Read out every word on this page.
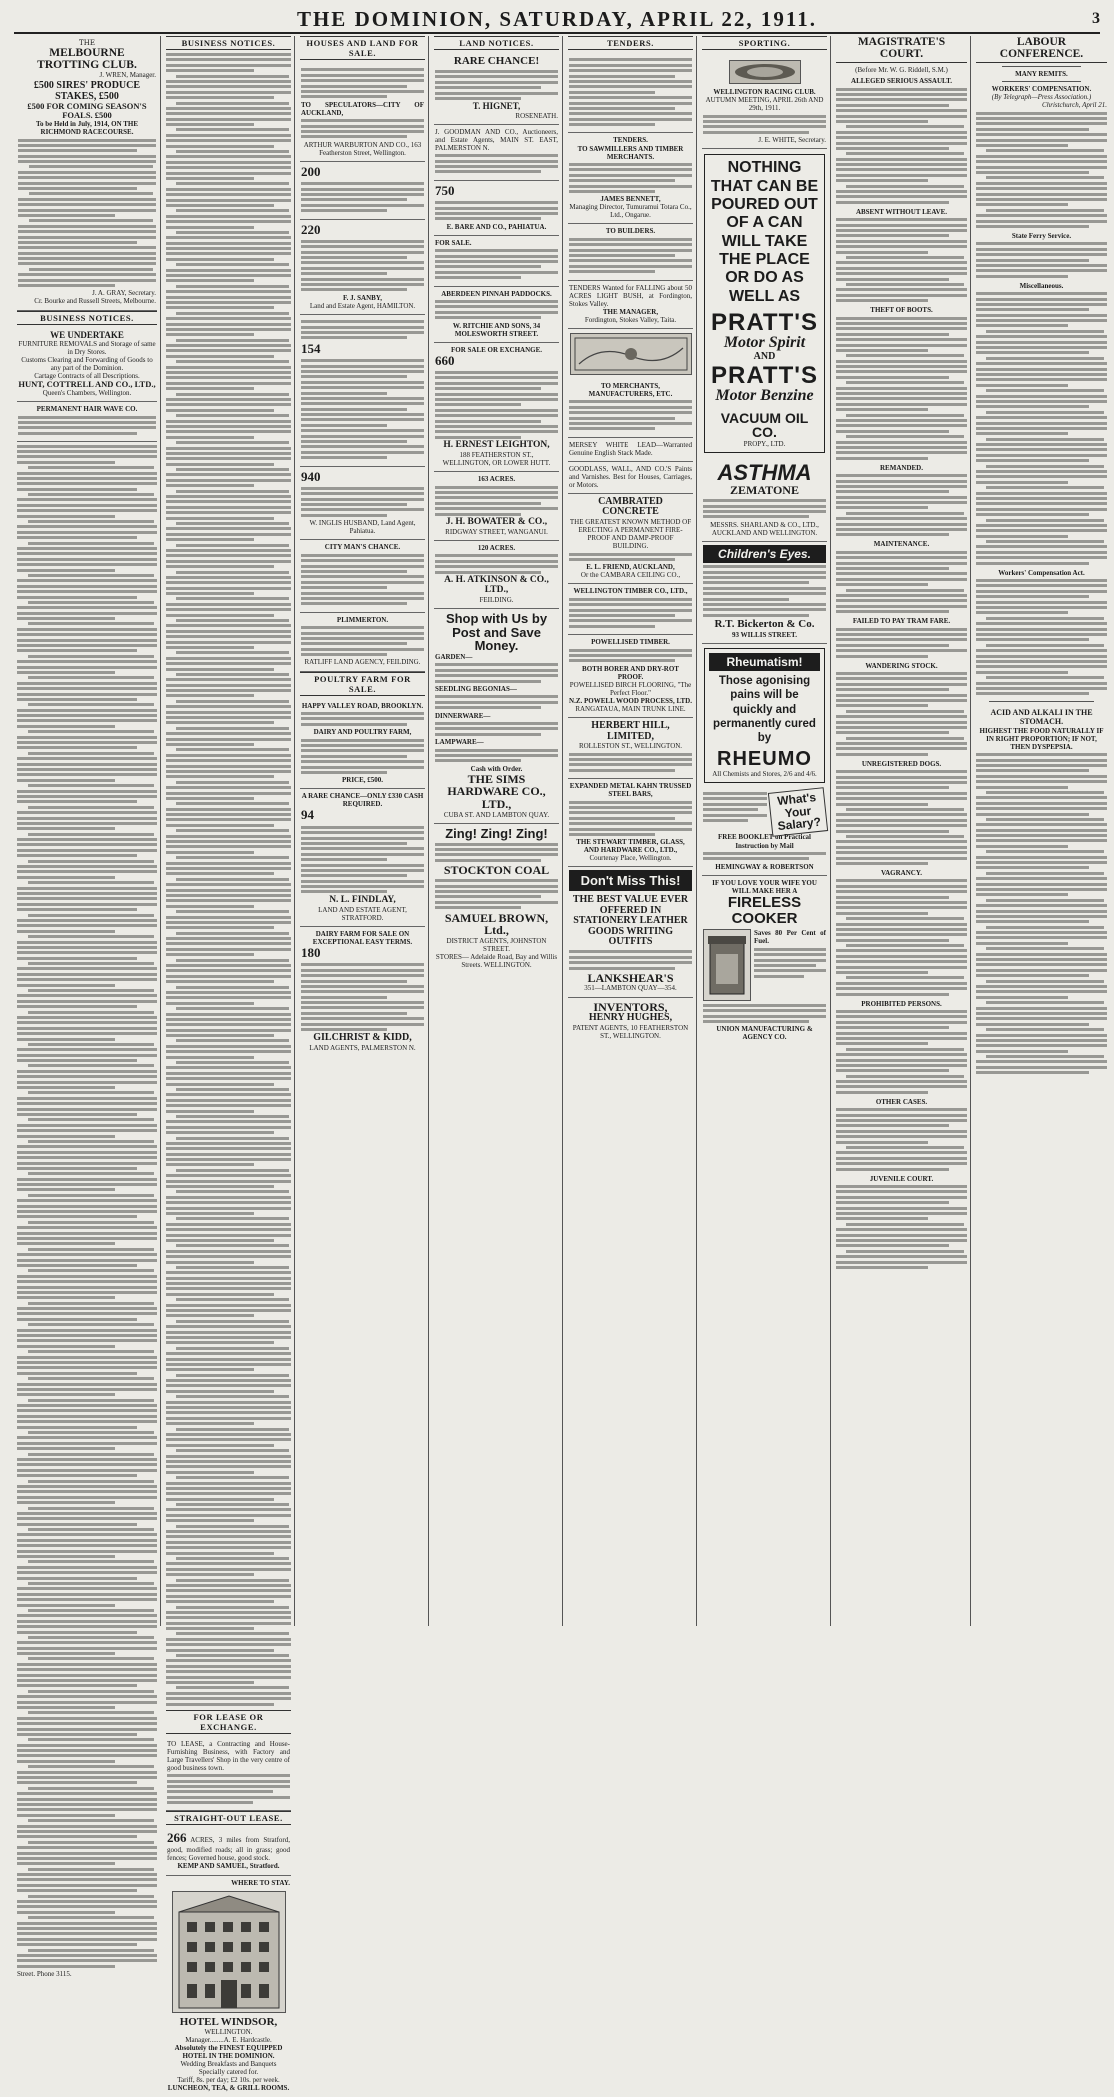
THE DOMINION, SATURDAY, APRIL 22, 1911.	3
THE
MELBOURNE TROTTING CLUB.
J. WREN, Manager.
£500 SIRES' PRODUCE STAKES, £500
£500 FOR COMING SEASON'S FOALS. £500
To be Held in July, 1914, ON THE RICHMOND RACECOURSE.
J. A. GRAY, Secretary.
Cr. Bourke and Russell Streets, Melbourne.
BUSINESS NOTICES.
WE UNDERTAKE
FURNITURE REMOVALS and Storage of same in Dry Stores.
Customs Clearing and Forwarding of Goods to any part of the Dominion.
Cartage Contracts of all Descriptions.
HUNT, COTTRELL AND CO., LTD.,
Queen's Chambers, Wellington.
PERMANENT HAIR WAVE CO.
Street. Phone 3115.
BUSINESS NOTICES.
FOR LEASE OR EXCHANGE.
TO LEASE, a Contracting and House-Furnishing Business, with Factory and Large Travellers' Shop in the very centre of good business town.
STRAIGHT-OUT LEASE.
266 ACRES, 3 miles from Stratford, good, modified roads; all in grass; good fences; Governed house, good stock.
KEMP AND SAMUEL, Stratford.
WHERE TO STAY.
HOTEL WINDSOR,
WELLINGTON.
Manager........A. E. Hardcastle.
Absolutely the FINEST EQUIPPED HOTEL IN THE DOMINION.
Wedding Breakfasts and Banquets Specially catered for.
Tariff, 8s. per day; £2 10s. per week.
LUNCHEON, TEA, & GRILL ROOMS.
HOUSES AND LAND FOR SALE.
TO SPECULATORS—CITY OF AUCKLAND,
ARTHUR WARBURTON AND CO., 163 Featherston Street, Wellington.
200
220
F. J. SANBY,
Land and Estate Agent, HAMILTON.
154
940
W. INGLIS HUSBAND, Land Agent, Pahiatua.
CITY MAN'S CHANCE.
PLIMMERTON.
RATLIFF LAND AGENCY, FEILDING.
POULTRY FARM FOR SALE.
HAPPY VALLEY ROAD, BROOKLYN.
DAIRY AND POULTRY FARM,
PRICE, £500.
A RARE CHANCE—ONLY £330 CASH REQUIRED.
94
N. L. FINDLAY,
LAND AND ESTATE AGENT, STRATFORD.
DAIRY FARM FOR SALE ON EXCEPTIONAL EASY TERMS.
180
GILCHRIST & KIDD,
LAND AGENTS, PALMERSTON N.
LAND NOTICES.
RARE CHANCE!
T. HIGNET,
ROSENEATH.
J. GOODMAN AND CO., Auctioneers, and Estate Agents, MAIN ST. EAST, PALMERSTON N.
750
E. BARE AND CO., PAHIATUA.
FOR SALE.
ABERDEEN PINNAH PADDOCKS.
W. RITCHIE AND SONS, 34 MOLESWORTH STREET.
FOR SALE OR EXCHANGE.
660
H. ERNEST LEIGHTON,
188 FEATHERSTON ST., WELLINGTON, OR LOWER HUTT.
163 ACRES.
J. H. BOWATER & CO.,
RIDGWAY STREET, WANGANUI.
120 ACRES.
A. H. ATKINSON & CO., LTD.,
FEILDING.
Shop with Us by Post and Save Money.
GARDEN—
SEEDLING BEGONIAS—
DINNERWARE—
LAMPWARE—
Cash with Order.
THE SIMS HARDWARE CO., LTD.,
CUBA ST. AND LAMBTON QUAY.
Zing! Zing! Zing!
STOCKTON COAL
SAMUEL BROWN, Ltd.,
DISTRICT AGENTS, JOHNSTON STREET.
STORES— Adelaide Road, Bay and Willis Streets. WELLINGTON.
TENDERS.
TENDERS.
TO SAWMILLERS AND TIMBER MERCHANTS.
JAMES BENNETT,
Managing Director, Tumuramui Totara Co., Ltd., Ongarue.
TO BUILDERS.
TENDERS Wanted for FALLING about 50 ACRES LIGHT BUSH, at Fordington, Stokes Valley.
THE MANAGER,
Fordington, Stokes Valley, Taita.
TO MERCHANTS, MANUFACTURERS, ETC.
MERSEY WHITE LEAD—Warranted Genuine English Stack Made.
GOODLASS, WALL, AND CO.'S Paints and Varnishes. Best for Houses, Carriages, or Motors.
CAMBRATED CONCRETE
THE GREATEST KNOWN METHOD OF ERECTING A PERMANENT FIRE-PROOF AND DAMP-PROOF BUILDING.
E. L. FRIEND, AUCKLAND,
Or the CAMBARA CEILING CO.,
WELLINGTON TIMBER CO., LTD.,
POWELLISED TIMBER.
BOTH BORER AND DRY-ROT PROOF.
POWELLISED BIRCH FLOORING, "The Perfect Floor."
N.Z. POWELL WOOD PROCESS, LTD.
RANGATAUA, MAIN TRUNK LINE.
HERBERT HILL, LIMITED,
ROLLESTON ST., WELLINGTON.
EXPANDED METAL KAHN TRUSSED STEEL BARS,
THE STEWART TIMBER, GLASS, AND HARDWARE CO., LTD.,
Courtenay Place, Wellington.
Don't Miss This!
THE BEST VALUE EVER OFFERED IN STATIONERY LEATHER GOODS WRITING OUTFITS
LANKSHEAR'S
351—LAMBTON QUAY—354.
INVENTORS,
HENRY HUGHES,
PATENT AGENTS, 10 FEATHERSTON ST., WELLINGTON.
SPORTING.
WELLINGTON RACING CLUB.
AUTUMN MEETING, APRIL 26th AND 29th, 1911.
J. E. WHITE, Secretary.
NOTHING THAT CAN BE POURED OUT OF A CAN WILL TAKE THE PLACE OR DO AS WELL AS
PRATT'S
Motor Spirit
AND
PRATT'S
Motor Benzine
VACUUM OIL CO.
PROPY., LTD.
ASTHMA
ZEMATONE
MESSRS. SHARLAND & CO., LTD., AUCKLAND AND WELLINGTON.
Children's Eyes.
R.T. Bickerton & Co.
93 WILLIS STREET.
Rheumatism!
Those agonising pains will be quickly and permanently cured by
RHEUMO
All Chemists and Stores, 2/6 and 4/6.
What's Your Salary?
FREE BOOKLET on Practical Instruction by Mail
HEMINGWAY & ROBERTSON
IF YOU LOVE YOUR WIFE YOU WILL MAKE HER A
FIRELESS COOKER
Saves 80 Per Cent of Fuel.
UNION MANUFACTURING & AGENCY CO.
MAGISTRATE'S COURT.
(Before Mr. W. G. Riddell, S.M.)
ALLEGED SERIOUS ASSAULT.
ABSENT WITHOUT LEAVE.
THEFT OF BOOTS.
REMANDED.
MAINTENANCE.
FAILED TO PAY TRAM FARE.
WANDERING STOCK.
UNREGISTERED DOGS.
VAGRANCY.
PROHIBITED PERSONS.
OTHER CASES.
JUVENILE COURT.
LABOUR CONFERENCE.
MANY REMITS.
WORKERS' COMPENSATION.
(By Telegraph—Press Association.)
Christchurch, April 21.
State Ferry Service.
Miscellaneous.
Workers' Compensation Act.
ACID AND ALKALI IN THE STOMACH.
HIGHEST THE FOOD NATURALLY IF IN RIGHT PROPORTION; IF NOT, THEN DYSPEPSIA.
